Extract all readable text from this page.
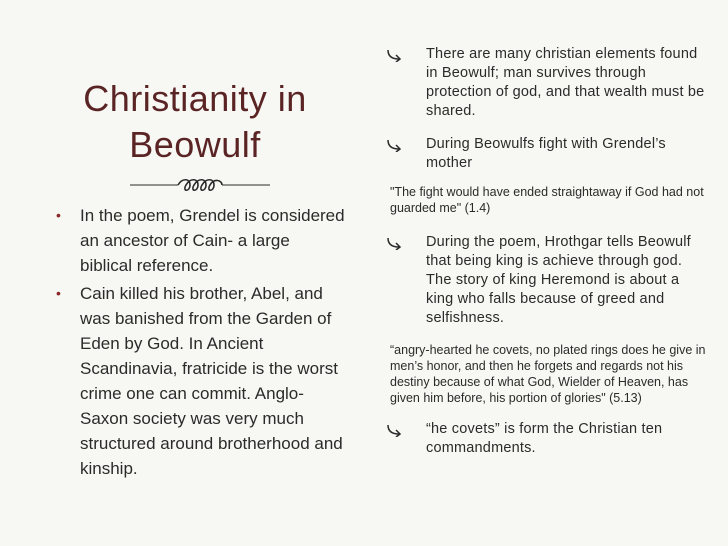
Christianity in
Beowulf
• In the poem, Grendel is considered an ancestor of Cain- a large biblical reference.
• Cain killed his brother, Abel, and was banished from the Garden of Eden by God. In Ancient Scandinavia, fratricide is the worst crime one can commit. Anglo-Saxon society was very much structured around brotherhood and kinship.
There are many christian elements found in Beowulf; man survives through protection of god, and that wealth must be shared.
During Beowulfs fight with Grendel’s mother
"The fight would have ended straightaway if God had not guarded me" (1.4)
During the poem, Hrothgar tells Beowulf that being king is achieve through god. The story of king Heremond is about a king who falls because of greed and selfishness.
“angry-hearted he covets, no plated rings does he give in men’s honor, and then he forgets and regards not his destiny because of what God, Wielder of Heaven, has given him before, his portion of glories" (5.13)
“he covets” is form the Christian ten commandments.
